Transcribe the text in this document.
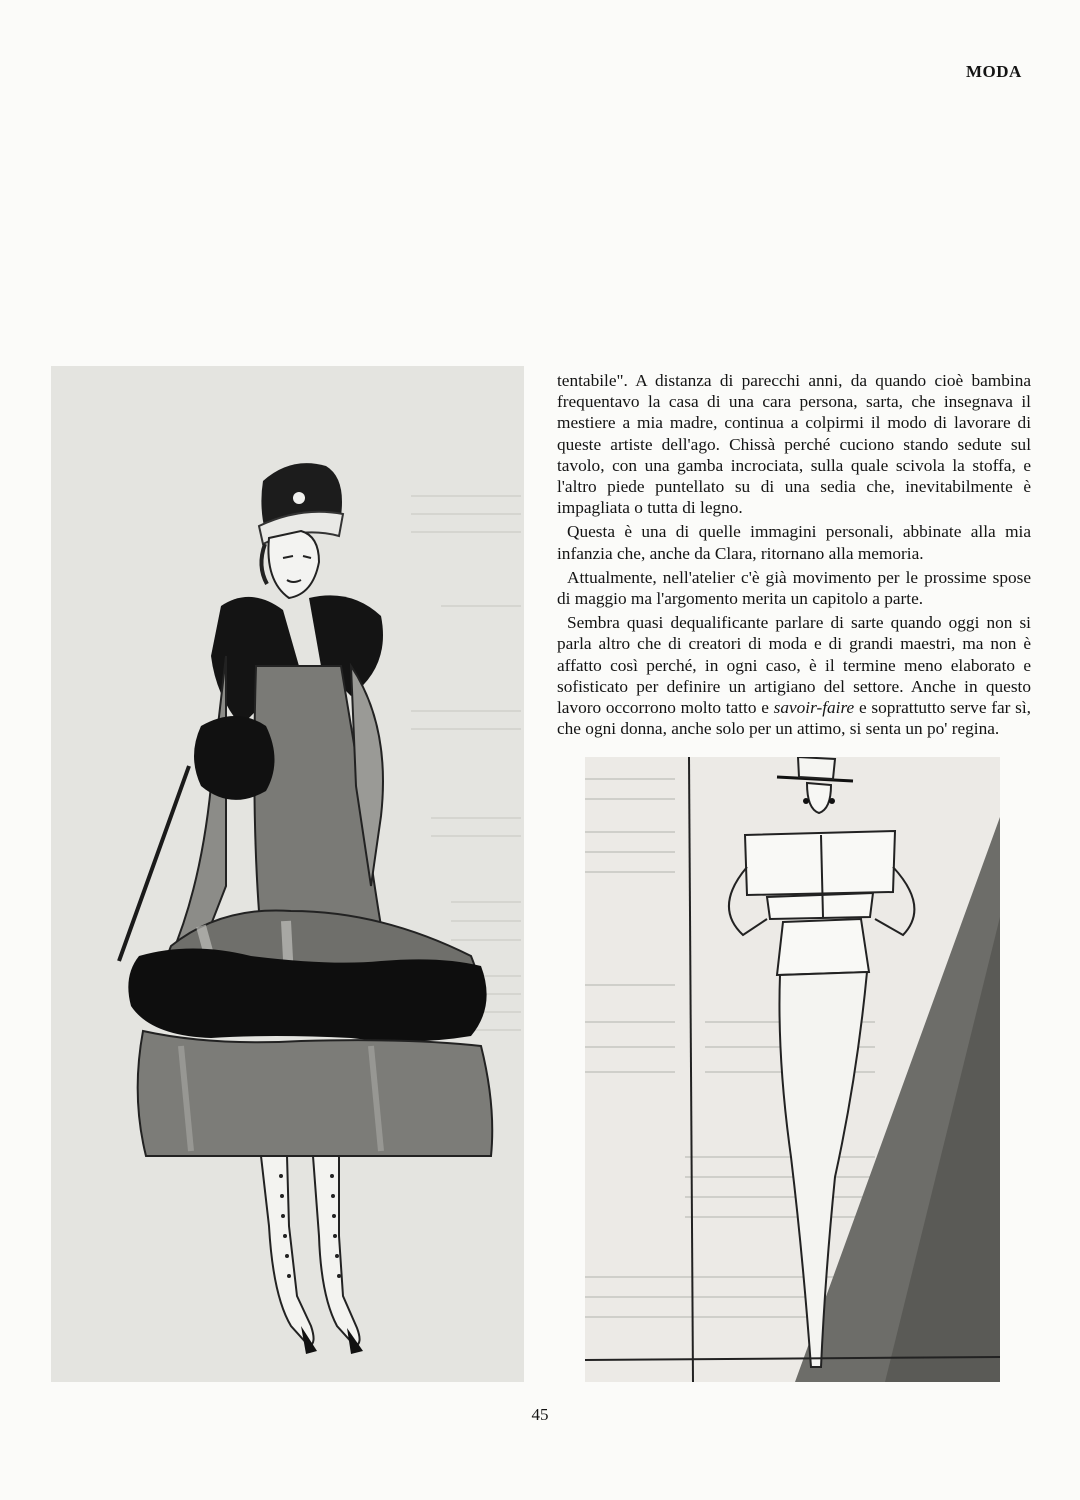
MODA

tentabile". A distanza di parecchi anni, da quando cioè bambina frequentavo la casa di una cara persona, sarta, che insegnava il mestiere a mia madre, continua a colpirmi il modo di lavorare di queste artiste dell'ago. Chissà perché cuciono stando sedute sul tavolo, con una gamba incrociata, sulla quale scivola la stoffa, e l'altro piede puntellato su di una sedia che, inevitabilmente è impagliata o tutta di legno.

Questa è una di quelle immagini personali, abbinate alla mia infanzia che, anche da Clara, ritornano alla memoria.

Attualmente, nell'atelier c'è già movimento per le prossime spose di maggio ma l'argomento merita un capitolo a parte.

Sembra quasi dequalificante parlare di sarte quando oggi non si parla altro che di creatori di moda e di grandi maestri, ma non è affatto così perché, in ogni caso, è il termine meno elaborato e sofisticato per definire un artigiano del settore. Anche in questo lavoro occorrono molto tatto e savoir-faire e soprattutto serve far sì, che ogni donna, anche solo per un attimo, si senta un po' regina.

45
